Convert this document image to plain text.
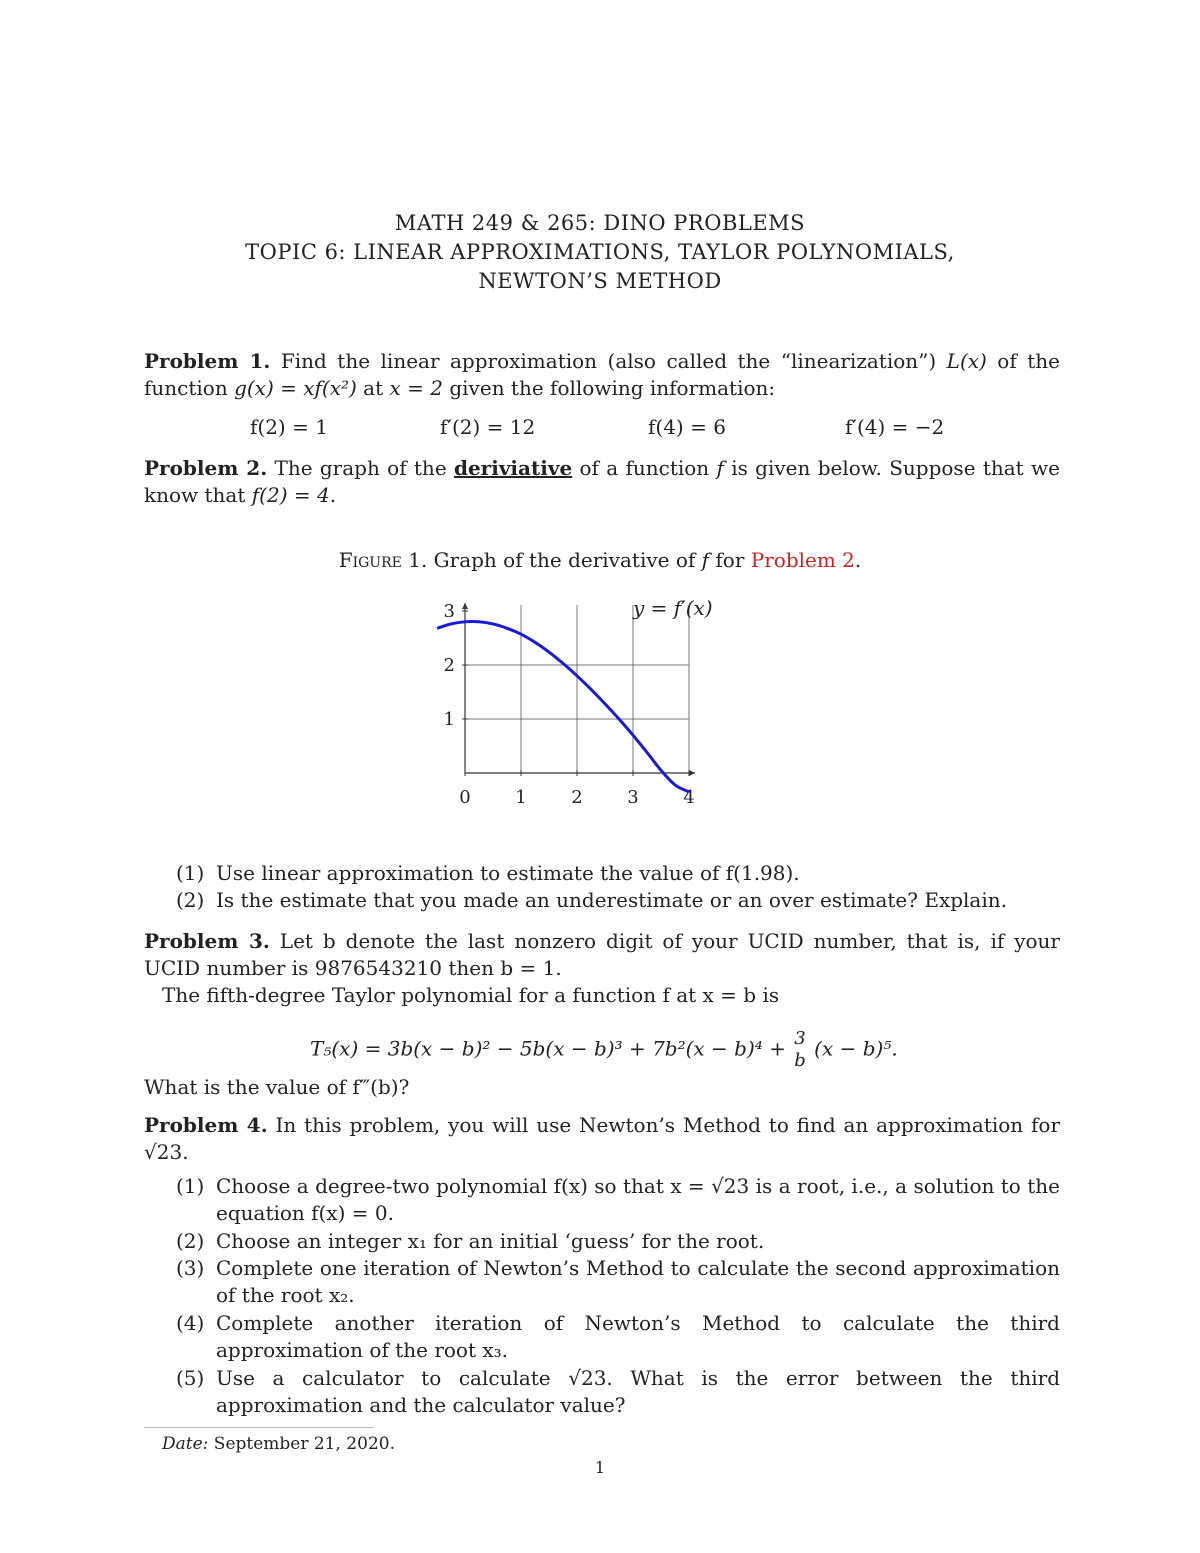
MATH 249 & 265: DINO PROBLEMS
TOPIC 6: LINEAR APPROXIMATIONS, TAYLOR POLYNOMIALS,
NEWTON’S METHOD
Problem 1. Find the linear approximation (also called the “linearization”) L(x) of the function g(x) = xf(x²) at x = 2 given the following information:
f(2) = 1	f′(2) = 12	f(4) = 6	f′(4) = −2
Problem 2. The graph of the deriviative of a function f is given below. Suppose that we know that f(2) = 4.
Figure 1. Graph of the derivative of f for Problem 2.
0 1 2 3 4
1
2
3	y = f′(x)
(1) Use linear approximation to estimate the value of f(1.98).
(2) Is the estimate that you made an underestimate or an over estimate? Explain.
Problem 3. Let b denote the last nonzero digit of your UCID number, that is, if your UCID number is 9876543210 then b = 1.
The fifth-degree Taylor polynomial for a function f at x = b is
T₅(x) = 3b(x − b)² − 5b(x − b)³ + 7b²(x − b)⁴ + 3
b (x − b)⁵.
What is the value of f‴(b)?
Problem 4. In this problem, you will use Newton’s Method to find an approximation for √23.
(1) Choose a degree-two polynomial f(x) so that x = √23 is a root, i.e., a solution to the equation f(x) = 0.
(2) Choose an integer x₁ for an initial ‘guess’ for the root.
(3) Complete one iteration of Newton’s Method to calculate the second approximation of the root x₂.
(4) Complete another iteration of Newton’s Method to calculate the third approximation of the root x₃.
(5) Use a calculator to calculate √23. What is the error between the third approximation and the calculator value?
Date: September 21, 2020.
1
